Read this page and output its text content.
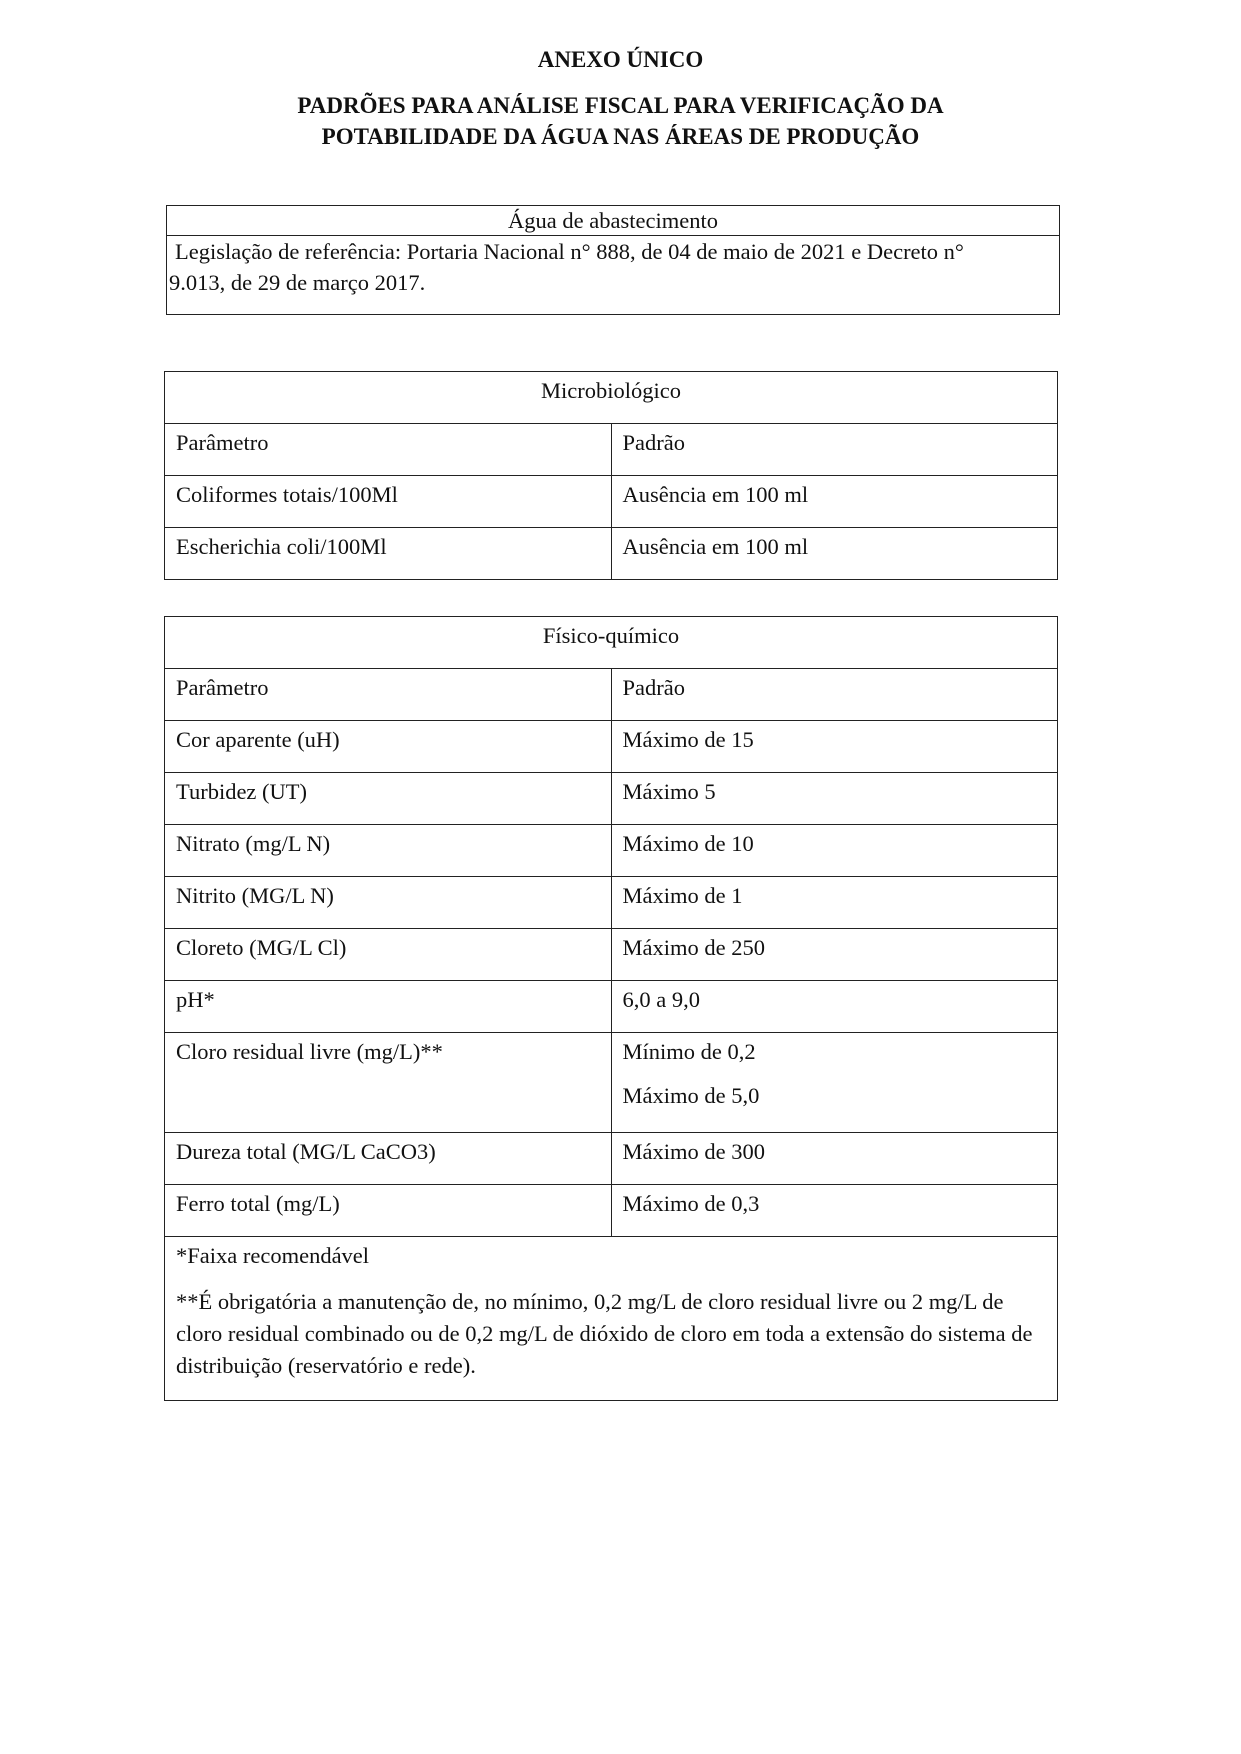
ANEXO ÚNICO
PADRÕES PARA ANÁLISE FISCAL PARA VERIFICAÇÃO DA
POTABILIDADE DA ÁGUA NAS ÁREAS DE PRODUÇÃO
Água de abastecimento

Legislação de referência: Portaria Nacional n° 888, de 04 de maio de 2021 e Decreto n°
9.013, de 29 de março 2017.
Microbiológico	
Parâmetro	Padrão
Coliformes totais/100Ml	Ausência em 100 ml
Escherichia coli/100Ml	Ausência em 100 ml
Físico-químico	
Parâmetro	Padrão
Cor aparente (uH)	Máximo de 15
Turbidez (UT)	Máximo 5
Nitrato (mg/L N)	Máximo de 10
Nitrito (MG/L N)	Máximo de 1
Cloreto (MG/L Cl)	Máximo de 250
pH*	6,0 a 9,0
Cloro residual livre (mg/L)**	Mínimo de 0,2
Máximo de 5,0

Dureza total (MG/L CaCO3)	Máximo de 300
Ferro total (mg/L)	Máximo de 0,3
*Faixa recomendável
**É obrigatória a manutenção de, no mínimo, 0,2 mg/L de cloro residual livre ou 2 mg/L de cloro residual combinado ou de 0,2 mg/L de dióxido de cloro em toda a extensão do sistema de distribuição (reservatório e rede).	
